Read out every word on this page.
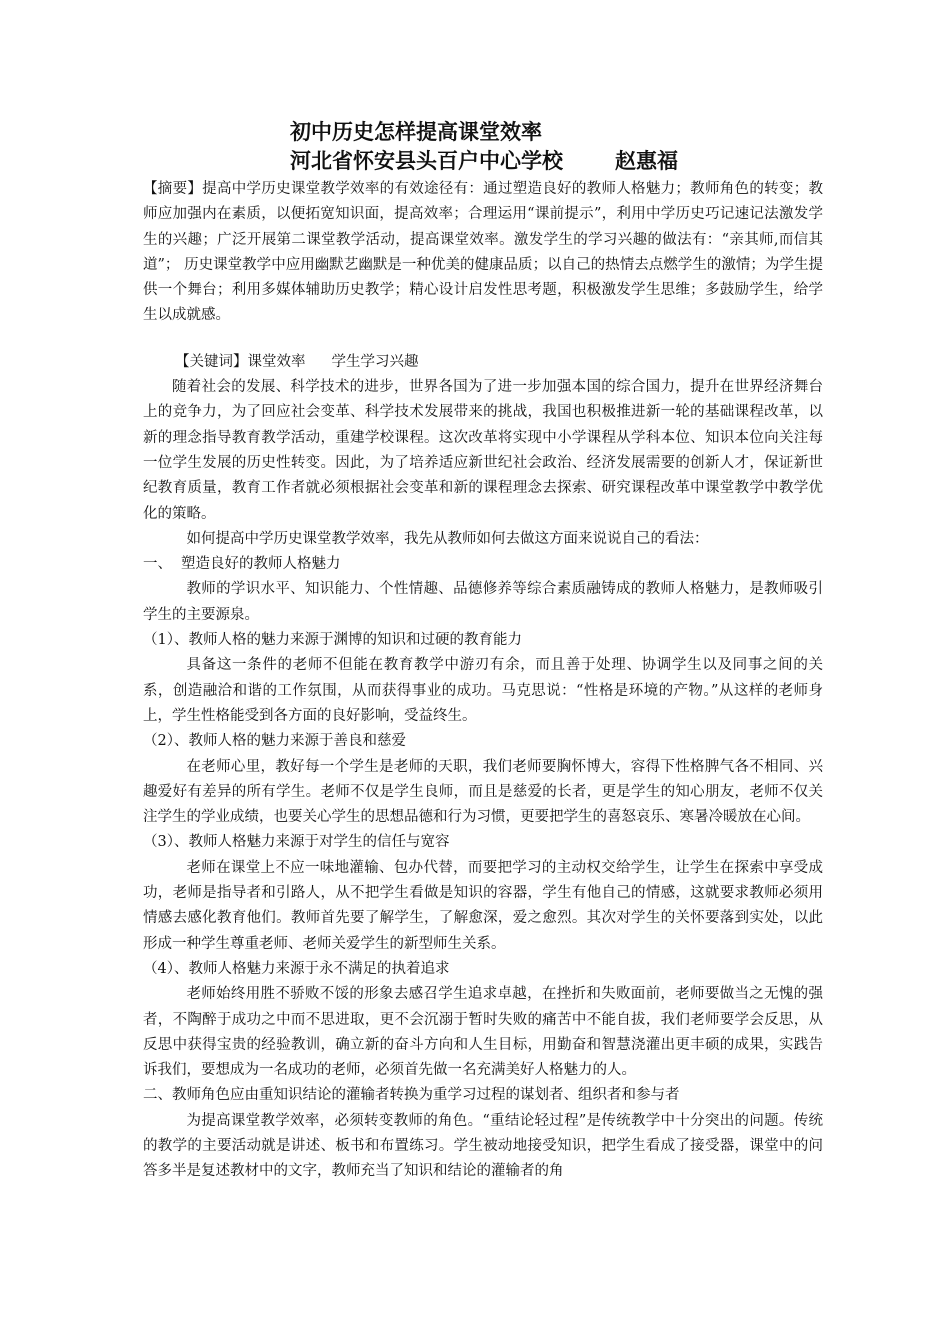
初中历史怎样提高课堂效率

河北省怀安县头百户中心学校 赵惠福

【摘要】提高中学历史课堂教学效率的有效途径有：通过塑造良好的教师人格魅力；教师角色的转变；教师应加强内在素质，以便拓宽知识面，提高效率；合理运用“课前提示”，利用中学历史巧记速记法激发学生的兴趣；广泛开展第二课堂教学活动，提高课堂效率。激发学生的学习兴趣的做法有：“亲其师,而信其道”； 历史课堂教学中应用幽默艺幽默是一种优美的健康品质；以自己的热情去点燃学生的激情；为学生提供一个舞台；利用多媒体辅助历史教学；精心设计启发性思考题，积极激发学生思维；多鼓励学生，给学生以成就感。

【关键词】课堂效率 学生学习兴趣

随着社会的发展、科学技术的进步，世界各国为了进一步加强本国的综合国力，提升在世界经济舞台上的竞争力，为了回应社会变革、科学技术发展带来的挑战，我国也积极推进新一轮的基础课程改革，以新的理念指导教育教学活动，重建学校课程。这次改革将实现中小学课程从学科本位、知识本位向关注每一位学生发展的历史性转变。因此，为了培养适应新世纪社会政治、经济发展需要的创新人才，保证新世纪教育质量，教育工作者就必须根据社会变革和新的课程理念去探索、研究课程改革中课堂教学中教学优化的策略。

如何提高中学历史课堂教学效率，我先从教师如何去做这方面来说说自己的看法：

一、 塑造良好的教师人格魅力

教师的学识水平、知识能力、个性情趣、品德修养等综合素质融铸成的教师人格魅力，是教师吸引学生的主要源泉。

（1）、教师人格的魅力来源于渊博的知识和过硬的教育能力

具备这一条件的老师不但能在教育教学中游刃有余，而且善于处理、协调学生以及同事之间的关系，创造融洽和谐的工作氛围，从而获得事业的成功。马克思说：“性格是环境的产物。”从这样的老师身上，学生性格能受到各方面的良好影响，受益终生。

（2）、教师人格的魅力来源于善良和慈爱

在老师心里，教好每一个学生是老师的天职，我们老师要胸怀博大，容得下性格脾气各不相同、兴趣爱好有差异的所有学生。老师不仅是学生良师，而且是慈爱的长者，更是学生的知心朋友，老师不仅关注学生的学业成绩，也要关心学生的思想品德和行为习惯，更要把学生的喜怒哀乐、寒暑冷暖放在心间。

（3）、教师人格魅力来源于对学生的信任与宽容

老师在课堂上不应一味地灌输、包办代替，而要把学习的主动权交给学生，让学生在探索中享受成功，老师是指导者和引路人，从不把学生看做是知识的容器，学生有他自己的情感，这就要求教师必须用情感去感化教育他们。教师首先要了解学生，了解愈深，爱之愈烈。其次对学生的关怀要落到实处，以此形成一种学生尊重老师、老师关爱学生的新型师生关系。

（4）、教师人格魅力来源于永不满足的执着追求

老师始终用胜不骄败不馁的形象去感召学生追求卓越，在挫折和失败面前，老师要做当之无愧的强者，不陶醉于成功之中而不思进取，更不会沉溺于暂时失败的痛苦中不能自拔，我们老师要学会反思，从反思中获得宝贵的经验教训，确立新的奋斗方向和人生目标，用勤奋和智慧浇灌出更丰硕的成果，实践告诉我们，要想成为一名成功的老师，必须首先做一名充满美好人格魅力的人。

二、教师角色应由重知识结论的灌输者转换为重学习过程的谋划者、组织者和参与者

为提高课堂教学效率，必须转变教师的角色。“重结论轻过程”是传统教学中十分突出的问题。传统的教学的主要活动就是讲述、板书和布置练习。学生被动地接受知识，把学生看成了接受器，课堂中的问答多半是复述教材中的文字，教师充当了知识和结论的灌输者的角
